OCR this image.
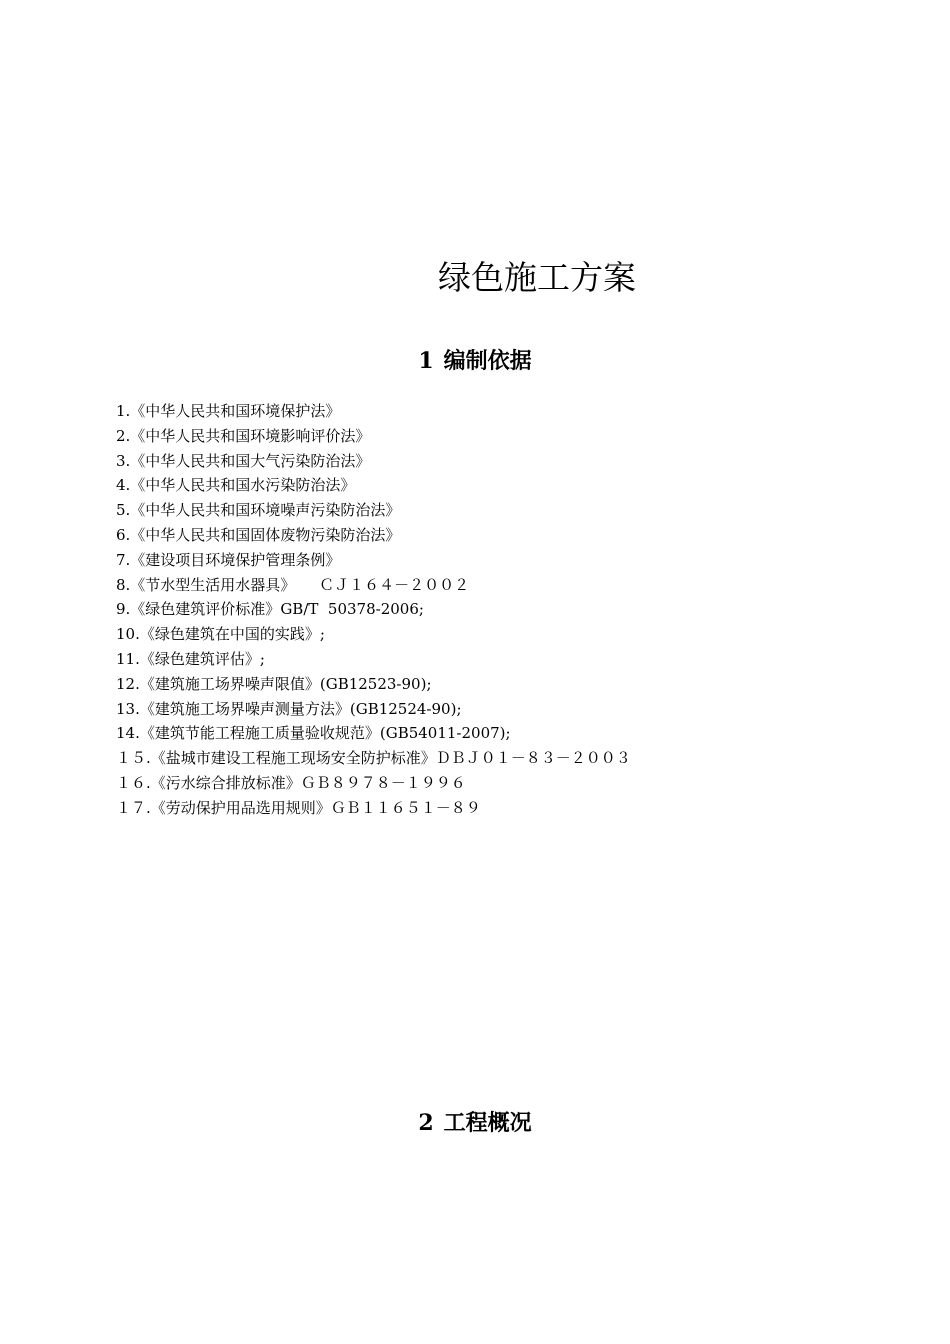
绿色施工方案
1 编制依据
1.《中华人民共和国环境保护法》
2.《中华人民共和国环境影响评价法》
3.《中华人民共和国大气污染防治法》
4.《中华人民共和国水污染防治法》
5.《中华人民共和国环境噪声污染防治法》
6.《中华人民共和国固体废物污染防治法》
7.《建设项目环境保护管理条例》
8.《节水型生活用水器具》     ＣＪ１６４－２００２
9.《绿色建筑评价标准》GB/T  50378-2006;
10.《绿色建筑在中国的实践》;
11.《绿色建筑评估》;
12.《建筑施工场界噪声限值》(GB12523-90);
13.《建筑施工场界噪声测量方法》(GB12524-90);
14.《建筑节能工程施工质量验收规范》(GB54011-2007);
１５.《盐城市建设工程施工现场安全防护标准》ＤＢＪ０１－８３－２００３
１６.《污水综合排放标准》ＧＢ８９７８－１９９６
１７.《劳动保护用品选用规则》ＧＢ１１６５１－８９
2 工程概况
